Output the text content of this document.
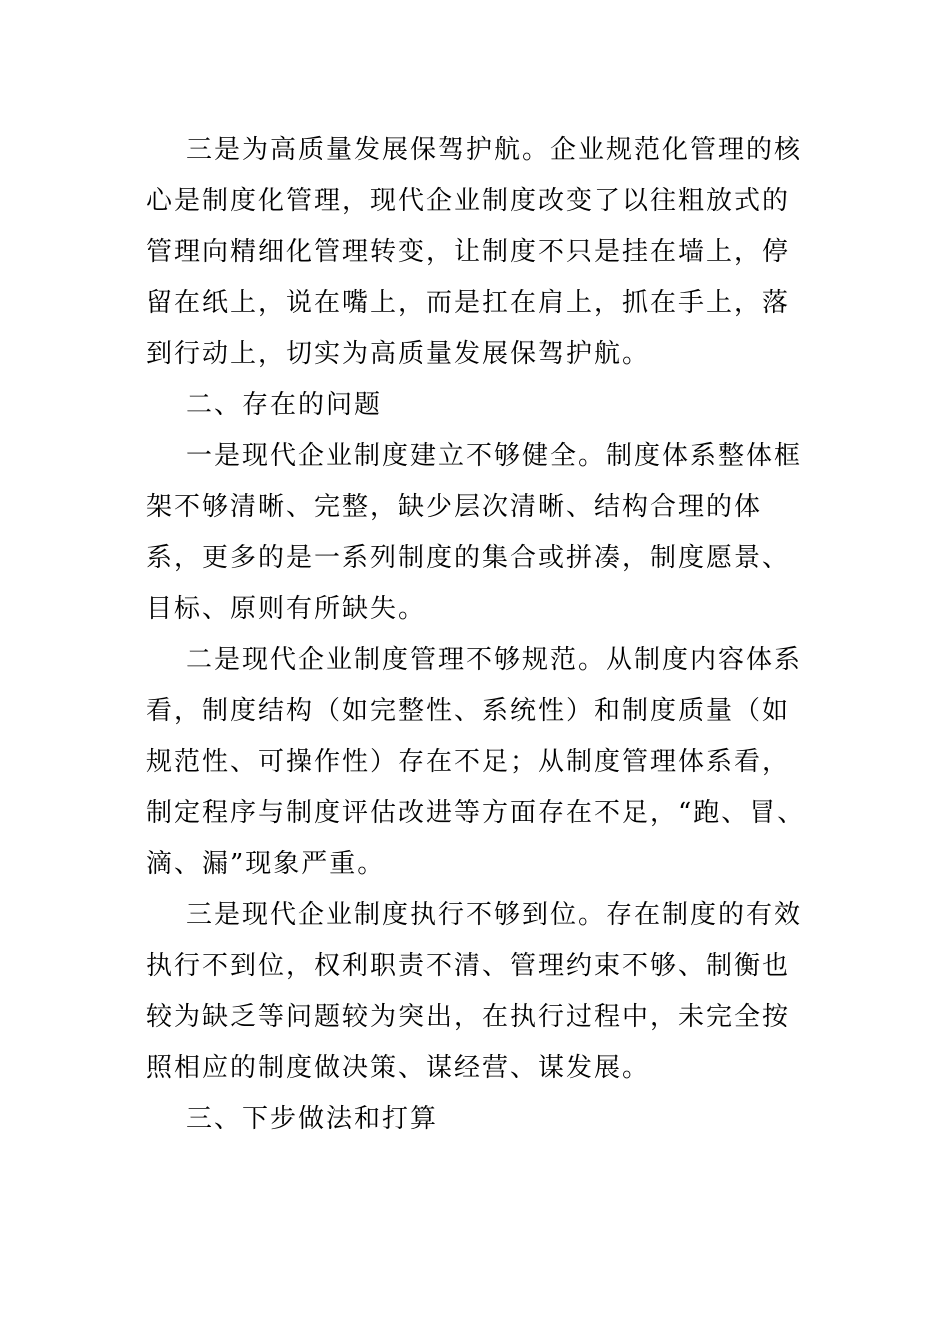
三是为高质量发展保驾护航。企业规范化管理的核心是制度化管理，现代企业制度改变了以往粗放式的管理向精细化管理转变，让制度不只是挂在墙上，停留在纸上，说在嘴上，而是扛在肩上，抓在手上，落到行动上，切实为高质量发展保驾护航。

二、存在的问题

一是现代企业制度建立不够健全。制度体系整体框架不够清晰、完整，缺少层次清晰、结构合理的体系，更多的是一系列制度的集合或拼凑，制度愿景、目标、原则有所缺失。

二是现代企业制度管理不够规范。从制度内容体系看，制度结构（如完整性、系统性）和制度质量（如规范性、可操作性）存在不足；从制度管理体系看，制定程序与制度评估改进等方面存在不足，“跑、冒、滴、漏”现象严重。

三是现代企业制度执行不够到位。存在制度的有效执行不到位，权利职责不清、管理约束不够、制衡也较为缺乏等问题较为突出，在执行过程中，未完全按照相应的制度做决策、谋经营、谋发展。

三、下步做法和打算
